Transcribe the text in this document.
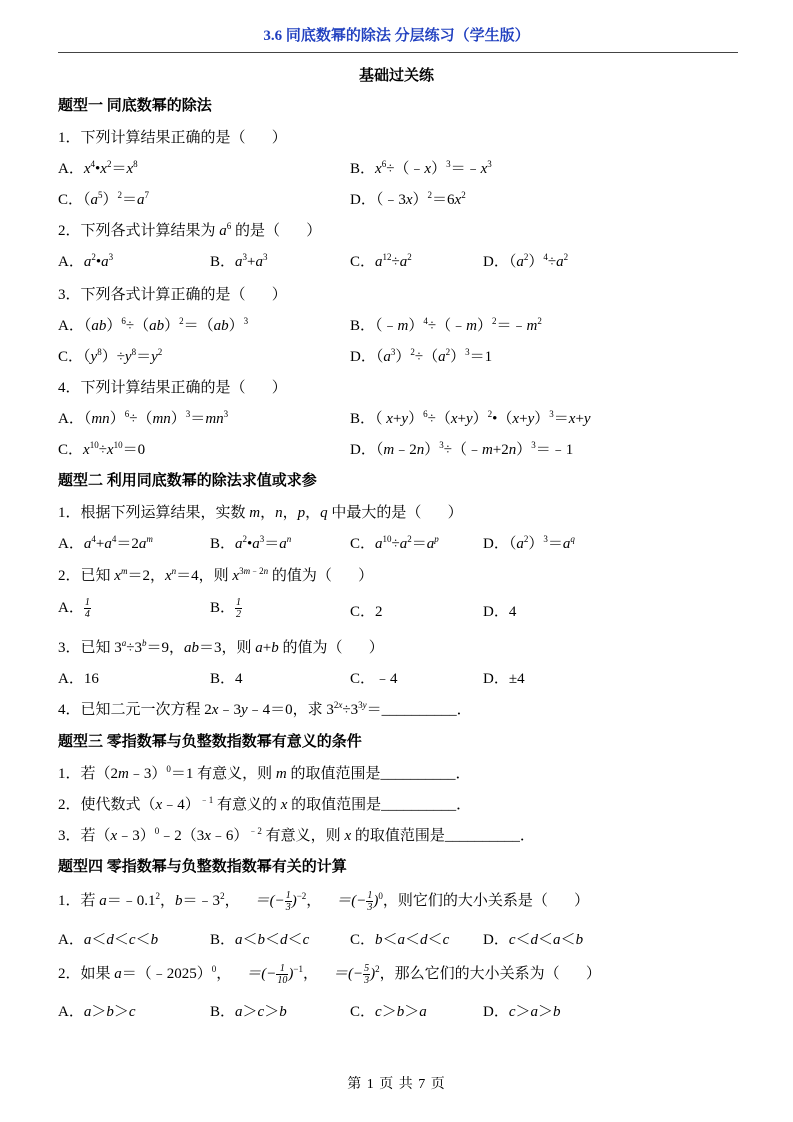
3.6 同底数幂的除法 分层练习（学生版）
基础过关练
题型一 同底数幂的除法
1．下列计算结果正确的是（       ）
A．$x^4•x^2=x^8$	B．$x^6\div(﹣x)^3=﹣x^3$
C．$(a^5)^2=a^7$	D．$(﹣3x)^2=6x^2$
2．下列各式计算结果为 $a^6$ 的是（       ）
A．$a^2•a^3$	B．$a^3+a^3$	C．$a^{12}\div a^2$	D．$(a^2)^4\div a^2$
3．下列各式计算正确的是（       ）
A．（ab）$^6$÷（ab）$^2$＝（ab）$^3$	B．$(﹣m)^4\div(﹣m)^2=﹣m^2$
C．$(y^8)\div y^8=y^2$	D．$(a^3)^2\div(a^2)^3=1$
4．下列计算结果正确的是（       ）
A．$(mn)^6\div(mn)^3=mn^3$	B．（ $x+y)^6\div(x+y)^2•(x+y)^3=x+y$
C．$x^{10}\div x^{10}=0$	D．（m﹣2n）$^3$÷（﹣m+2n）$^3$＝﹣1
题型二 利用同底数幂的除法求值或求参
1．根据下列运算结果，实数 m，n，p，q 中最大的是（       ）
A．$a^4+a^4=2a^m$	B．$a^2•a^3=a^n$	C．$a^{10}\div a^2=a^p$	D．$(a^2)^3=a^q$
2．已知 $x^m=2$，$x^n=4$，则 $x^{3m﹣2n}$ 的值为（       ）
A． $\frac{1}{4}$	B． $\frac{1}{2}$	C．2	D．4
3．已知 $3^a\div 3^b=9$，ab＝3，则 a+b 的值为（       ）
A．16	B．4	C．﹣4	D．±4
4．已知二元一次方程 2x﹣3y﹣4＝0，求 $3^{2x}\div 3^{3y}=\_\_\_\_\_\_\_\_\_\_$．
题型三 零指数幂与负整数指数幂有意义的条件
1．若（2m﹣3）$^0$＝1 有意义，则 m 的取值范围是__________．
2．使代数式（x﹣4）$^{﹣1}$ 有意义的 x 的取值范围是__________．
3．若（x﹣3）$^0$﹣2（3x﹣6）$^{﹣2}$ 有意义，则 x 的取值范围是__________．
题型四 零指数幂与负整数指数幂有关的计算
1．若 $a=﹣0.1^2$，$b=﹣3^2$，    ＝(− $\frac{1}{3} )^{-2}$，    ＝(− $\frac{1}{3} )^0$，则它们的大小关系是（       ）
A．a＜d＜c＜b	B．a＜b＜d＜c	C．b＜a＜d＜c D．c＜d＜a＜b
2．如果 a＝（﹣2025）$^0$，    ＝(− $\frac{1}{10} )^{-1}$，    ＝(− $\frac{5}{3} )^2$，那么它们的大小关系为（       ）
A．a＞b＞c	B．a＞c＞b	C．c＞b＞a	D．c＞a＞b
第 1 页 共 7 页
